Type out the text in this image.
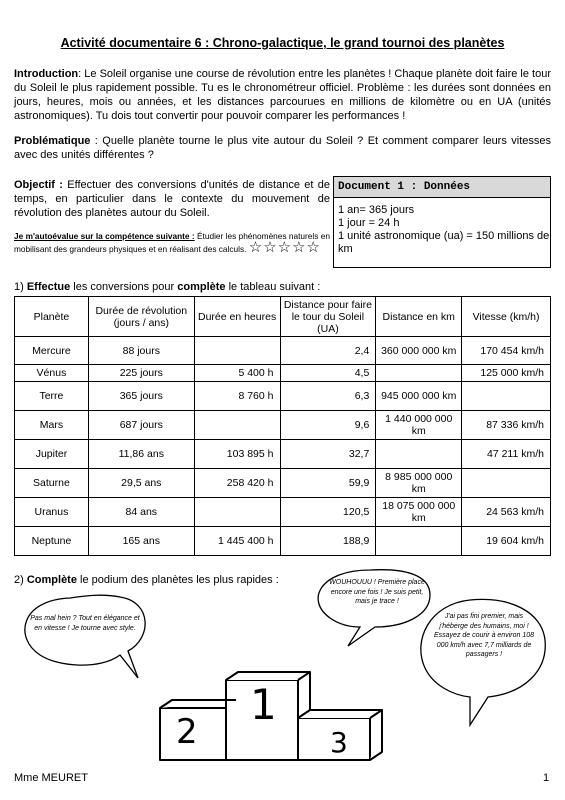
Activité documentaire 6 : Chrono-galactique, le grand tournoi des planètes
Introduction: Le Soleil organise une course de révolution entre les planètes ! Chaque planète doit faire le tour du Soleil le plus rapidement possible. Tu es le chronométreur officiel. Problème : les durées sont données en jours, heures, mois ou années, et les distances parcourues en millions de kilomètre ou en UA (unités astronomiques). Tu dois tout convertir pour pouvoir comparer les performances !
Problématique : Quelle planète tourne le plus vite autour du Soleil ? Et comment comparer leurs vitesses avec des unités différentes ?
Objectif : Effectuer des conversions d'unités de distance et de temps, en particulier dans le contexte du mouvement de révolution des planètes autour du Soleil.
Je m'autoévalue sur la compétence suivante : Étudier les phénomènes naturels en mobilisant des grandeurs physiques et en réalisant des calculs. ☆☆☆☆☆
Document 1 : Données
1 an= 365 jours
1 jour = 24 h
1 unité astronomique (ua) = 150 millions de km
1) Effectue les conversions pour complète le tableau suivant :
Planète	Durée de révolution (jours / ans)	Durée en heures	Distance pour faire le tour du Soleil (UA)	Distance en km	Vitesse (km/h)
Mercure	88 jours		2,4	360 000 000 km	170 454 km/h
Vénus	225 jours	5 400 h	4,5		125 000 km/h
Terre	365 jours	8 760 h	6,3	945 000 000 km	
Mars	687 jours		9,6	1 440 000 000 km	87 336 km/h
Jupiter	11,86 ans	103 895 h	32,7		47 211 km/h
Saturne	29,5 ans	258 420 h	59,9	8 985 000 000 km	
Uranus	84 ans		120,5	18 075 000 000 km	24 563 km/h
Neptune	165 ans	1 445 400 h	188,9		19 604 km/h
2) Complète le podium des planètes les plus rapides :
Pas mal hein ? Tout en élégance et en vitesse ! Je tourne avec style.
WOUHOUUU ! Première place encore une fois ! Je suis petit, mais je trace !
J'ai pas fini premier, mais j'héberge des humains, moi ! Essayez de courir à environ 108 000 km/h avec 7,7 milliards de passagers !
2
1
3
Mme MEURET	1
